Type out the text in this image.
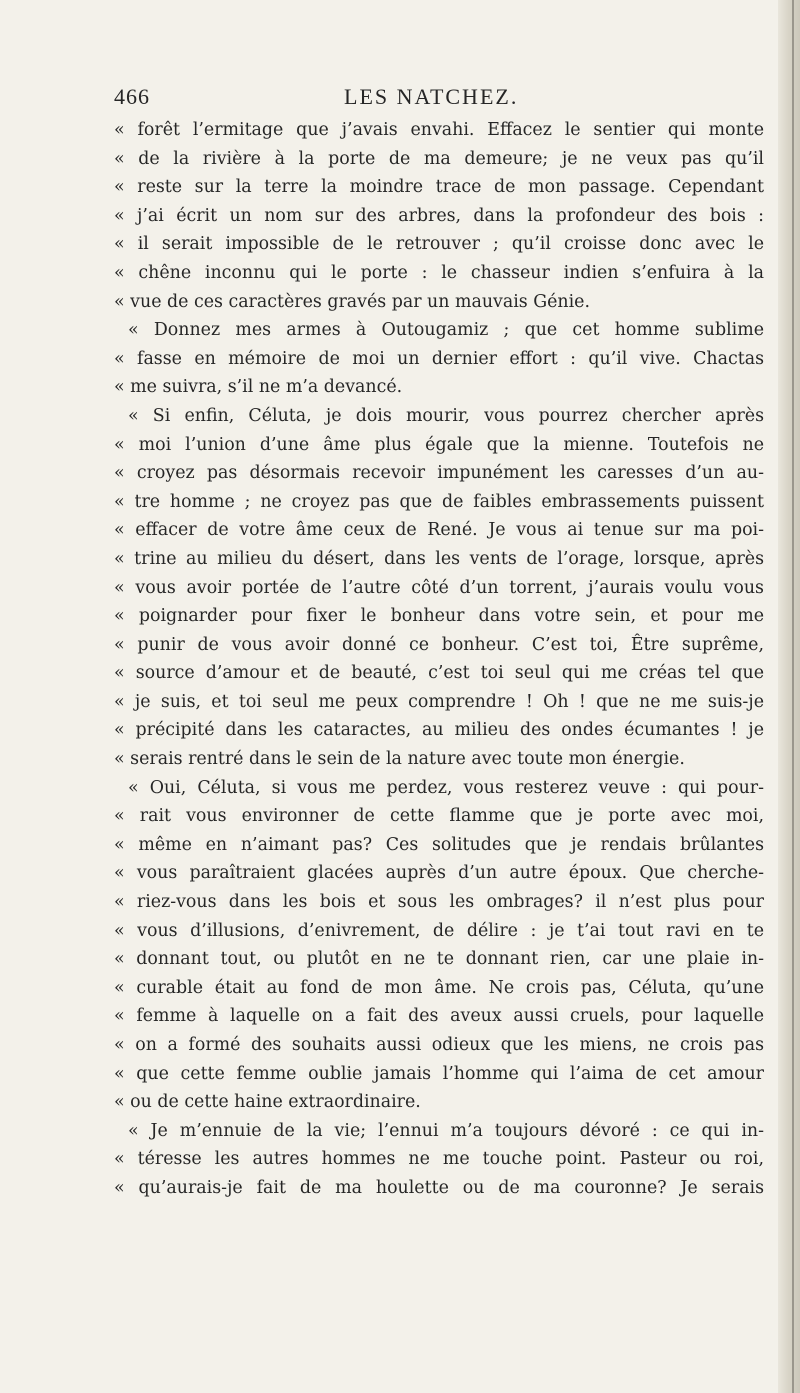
466	LES NATCHEZ.
« forêt l’ermitage que j’avais envahi. Effacez le sentier qui monte
« de la rivière à la porte de ma demeure; je ne veux pas qu’il
« reste sur la terre la moindre trace de mon passage. Cependant
« j’ai écrit un nom sur des arbres, dans la profondeur des bois :
« il serait impossible de le retrouver ; qu’il croisse donc avec le
« chêne inconnu qui le porte : le chasseur indien s’enfuira à la
« vue de ces caractères gravés par un mauvais Génie.
« Donnez mes armes à Outougamiz ; que cet homme sublime
« fasse en mémoire de moi un dernier effort : qu’il vive. Chactas
« me suivra, s’il ne m’a devancé.
« Si enfin, Céluta, je dois mourir, vous pourrez chercher après
« moi l’union d’une âme plus égale que la mienne. Toutefois ne
« croyez pas désormais recevoir impunément les caresses d’un au-
« tre homme ; ne croyez pas que de faibles embrassements puissent
« effacer de votre âme ceux de René. Je vous ai tenue sur ma poi-
« trine au milieu du désert, dans les vents de l’orage, lorsque, après
« vous avoir portée de l’autre côté d’un torrent, j’aurais voulu vous
« poignarder pour fixer le bonheur dans votre sein, et pour me
« punir de vous avoir donné ce bonheur. C’est toi, Être suprême,
« source d’amour et de beauté, c’est toi seul qui me créas tel que
« je suis, et toi seul me peux comprendre ! Oh ! que ne me suis-je
« précipité dans les cataractes, au milieu des ondes écumantes ! je
« serais rentré dans le sein de la nature avec toute mon énergie.
« Oui, Céluta, si vous me perdez, vous resterez veuve : qui pour-
« rait vous environner de cette flamme que je porte avec moi,
« même en n’aimant pas? Ces solitudes que je rendais brûlantes
« vous paraîtraient glacées auprès d’un autre époux. Que cherche-
« riez-vous dans les bois et sous les ombrages? il n’est plus pour
« vous d’illusions, d’enivrement, de délire : je t’ai tout ravi en te
« donnant tout, ou plutôt en ne te donnant rien, car une plaie in-
« curable était au fond de mon âme. Ne crois pas, Céluta, qu’une
« femme à laquelle on a fait des aveux aussi cruels, pour laquelle
« on a formé des souhaits aussi odieux que les miens, ne crois pas
« que cette femme oublie jamais l’homme qui l’aima de cet amour
« ou de cette haine extraordinaire.
« Je m’ennuie de la vie; l’ennui m’a toujours dévoré : ce qui in-
« téresse les autres hommes ne me touche point. Pasteur ou roi,
« qu’aurais-je fait de ma houlette ou de ma couronne? Je serais
